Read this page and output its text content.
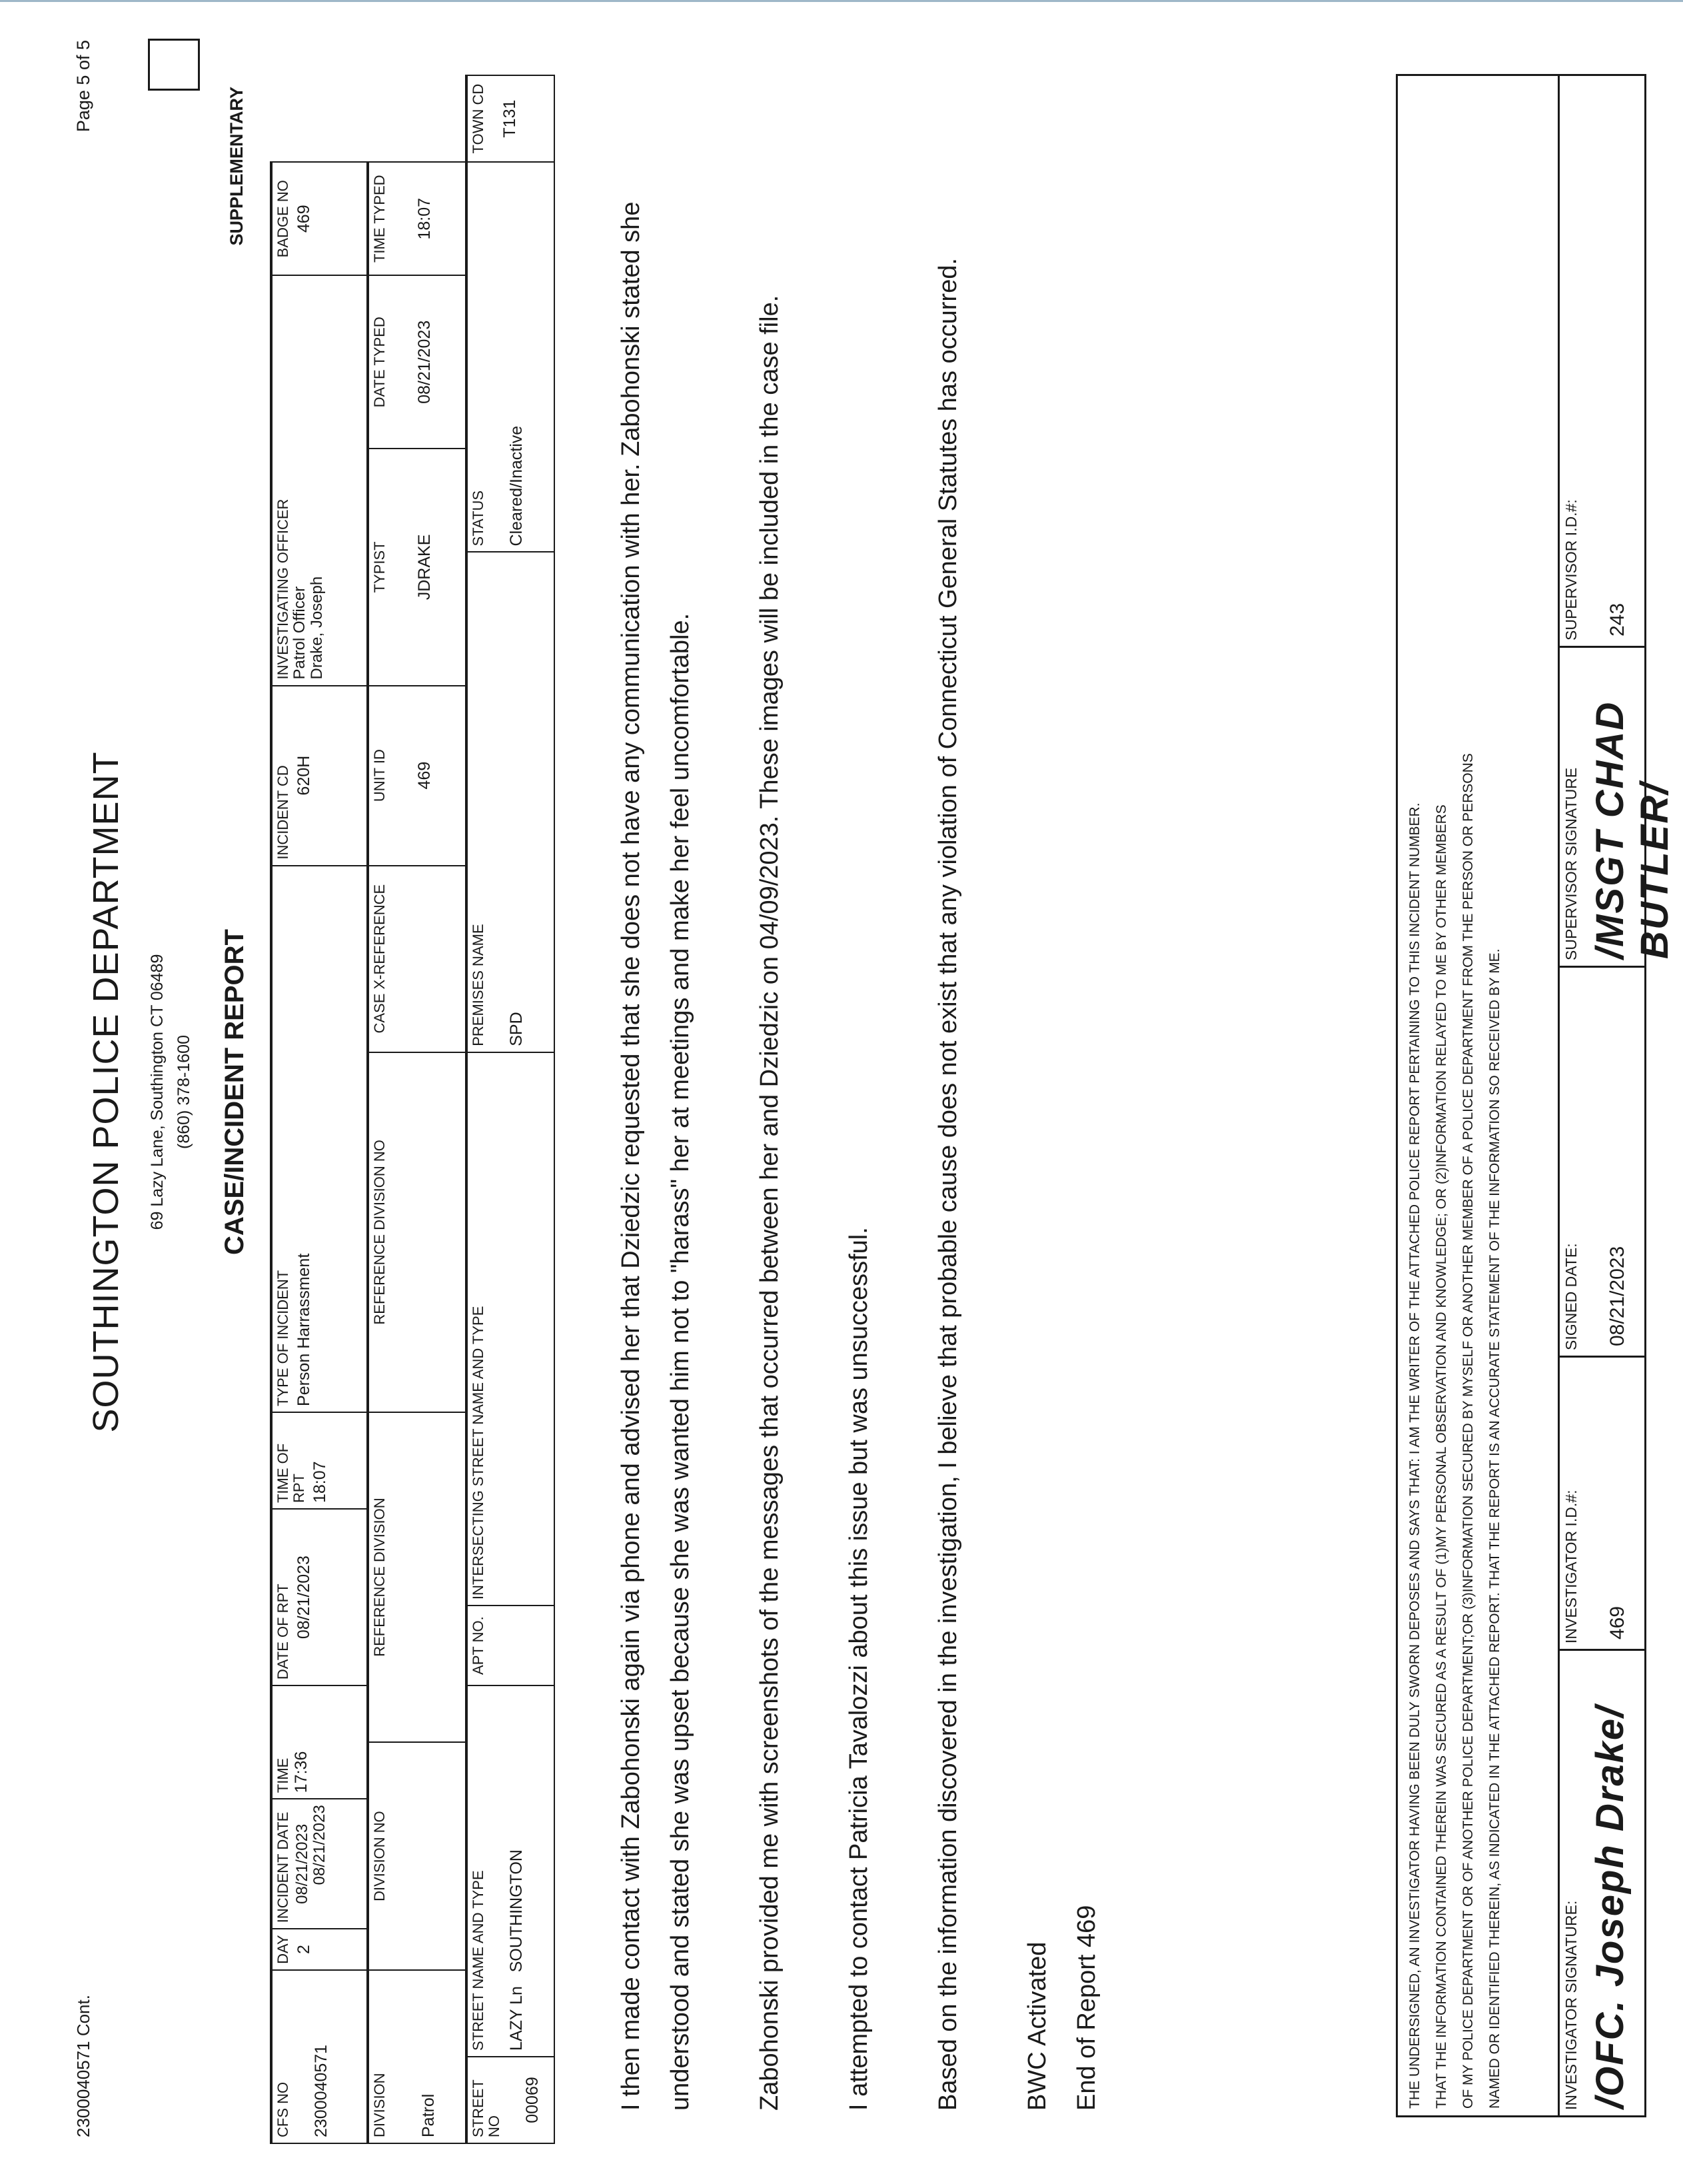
2300040571 Cont.
Page 5 of 5
SOUTHINGTON POLICE DEPARTMENT 69 Lazy Lane, Southington CT 06489 (860) 378-1600 CASE/INCIDENT REPORT
SUPPLEMENTARY
CFS NO 2300040571		DAY 2	INCIDENT DATE 08/21/2023 08/21/2023	TIME 17:36		DATE OF RPT 08/21/2023		TIME OF RPT 18:07	TYPE OF INCIDENT Person Harrassment		INCIDENT CD 620H	INVESTIGATING OFFICER Patrol Officer Drake, Joseph			BADGE NO 469	

DIVISION Patrol		DIVISION NO			REFERENCE DIVISION				REFERENCE DIVISION NO	CASE X-REFERENCE	UNIT ID 469	TYPIST JDRAKE		DATE TYPED 08/21/2023	TIME TYPED 18:07	

STREET NO
00069	STREET NAME AND TYPE LAZY Ln   SOUTHINGTON					APT NO.	INTERSECTING STREET NAME AND TYPE			PREMISES NAME SPD			STATUS Cleared/Inactive			TOWN CD T131

I then made contact with Zabohonski again via phone and advised her that Dziedzic requested that she does not have any communication with her. Zabohonski stated she understood and stated she was upset because she was wanted him not to "harass" her at meetings and make her feel uncomfortable.	Zabohonski provided me with screenshots of the messages that occurred between her and Dziedzic on 04/09/2023. These images will be included in the case file.	I attempted to contact Patricia Tavalozzi about this issue but was unsuccessful.	Based on the information discovered in the investigation, I believe that probable cause does not exist that any violation of Connecticut General Statutes has occurred.	BWC Activated End of Report 469	THE UNDERSIGNED, AN INVESTIGATOR HAVING BEEN DULY SWORN DEPOSES AND SAYS THAT: I AM THE WRITER OF THE ATTACHED POLICE REPORT PERTAINING TO THIS INCIDENT NUMBER. THAT THE INFORMATION CONTAINED THEREIN WAS SECURED AS A RESULT OF (1)MY PERSONAL OBSERVATION AND KNOWLEDGE; OR (2)INFORMATION RELAYED TO ME BY OTHER MEMBERS OF MY POLICE DEPARTMENT OR OF ANOTHER POLICE DEPARTMENT;OR (3)INFORMATION SECURED BY MYSELF OR ANOTHER MEMBER OF A POLICE DEPARTMENT FROM THE PERSON OR PERSONS NAMED OR IDENTIFIED THEREIN, AS INDICATED IN THE ATTACHED REPORT. THAT THE REPORT IS AN ACCURATE STATEMENT OF THE INFORMATION SO RECEIVED BY ME.	INVESTIGATOR SIGNATURE: /OFC. Joseph Drake/
INVESTIGATOR I.D.#: 469
SIGNED DATE: 08/21/2023
SUPERVISOR SIGNATURE /MSGT CHAD BUTLER/
SUPERVISOR I.D.#: 243
